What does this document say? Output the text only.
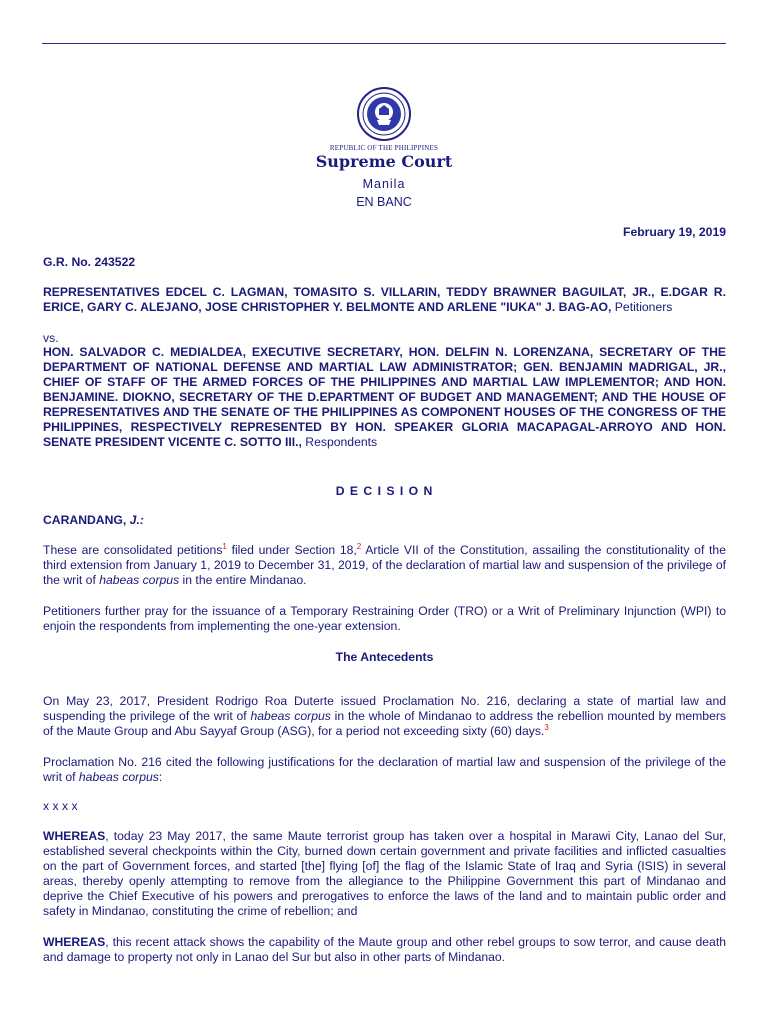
· · · · · ·
REPUBLIC OF THE PHILIPPINES
Supreme Court
Manila
EN BANC
February 19, 2019
G.R. No. 243522

REPRESENTATIVES EDCEL C. LAGMAN, TOMASITO S. VILLARIN, TEDDY BRAWNER BAGUILAT, JR., E.DGAR R. ERICE, GARY C. ALEJANO, JOSE CHRISTOPHER Y. BELMONTE AND ARLENE "IUKA" J. BAG-AO, Petitioners

vs.

HON. SALVADOR C. MEDIALDEA, EXECUTIVE SECRETARY, HON. DELFIN N. LORENZANA, SECRETARY OF THE DEPARTMENT OF NATIONAL DEFENSE AND MARTIAL LAW ADMINISTRATOR; GEN. BENJAMIN MADRIGAL, JR., CHIEF OF STAFF OF THE ARMED FORCES OF THE PHILIPPINES AND MARTIAL LAW IMPLEMENTOR; AND HON. BENJAMINE. DIOKNO, SECRETARY OF THE D.EPARTMENT OF BUDGET AND MANAGEMENT; AND THE HOUSE OF REPRESENTATIVES AND THE SENATE OF THE PHILIPPINES AS COMPONENT HOUSES OF THE CONGRESS OF THE PHILIPPINES, RESPECTIVELY REPRESENTED BY HON. SPEAKER GLORIA MACAPAGAL-ARROYO AND HON. SENATE PRESIDENT VICENTE C. SOTTO III., Respondents

D E C I S I O N
CARANDANG, J.:

These are consolidated petitions$^1$ filed under Section 18,$^2$ Article VII of the Constitution, assailing the constitutionality of the third extension from January 1, 2019 to December 31, 2019, of the declaration of martial law and suspension of the privilege of the writ of habeas corpus in the entire Mindanao.

Petitioners further pray for the issuance of a Temporary Restraining Order (TRO) or a Writ of Preliminary Injunction (WPI) to enjoin the respondents from implementing the one-year extension.

The Antecedents

On May 23, 2017, President Rodrigo Roa Duterte issued Proclamation No. 216, declaring a state of martial law and suspending the privilege of the writ of habeas corpus in the whole of Mindanao to address the rebellion mounted by members of the Maute Group and Abu Sayyaf Group (ASG), for a period not exceeding sixty (60) days.$^3$

Proclamation No. 216 cited the following justifications for the declaration of martial law and suspension of the privilege of the writ of habeas corpus:

x x x x

WHEREAS, today 23 May 2017, the same Maute terrorist group has taken over a hospital in Marawi City, Lanao del Sur, established several checkpoints within the City, burned down certain government and private facilities and inflicted casualties on the part of Government forces, and started [the] flying [of] the flag of the Islamic State of Iraq and Syria (ISIS) in several areas, thereby openly attempting to remove from the allegiance to the Philippine Government this part of Mindanao and deprive the Chief Executive of his powers and prerogatives to enforce the laws of the land and to maintain public order and safety in Mindanao, constituting the crime of rebellion; and

WHEREAS, this recent attack shows the capability of the Maute group and other rebel groups to sow terror, and cause death and damage to property not only in Lanao del Sur but also in other parts of Mindanao.
